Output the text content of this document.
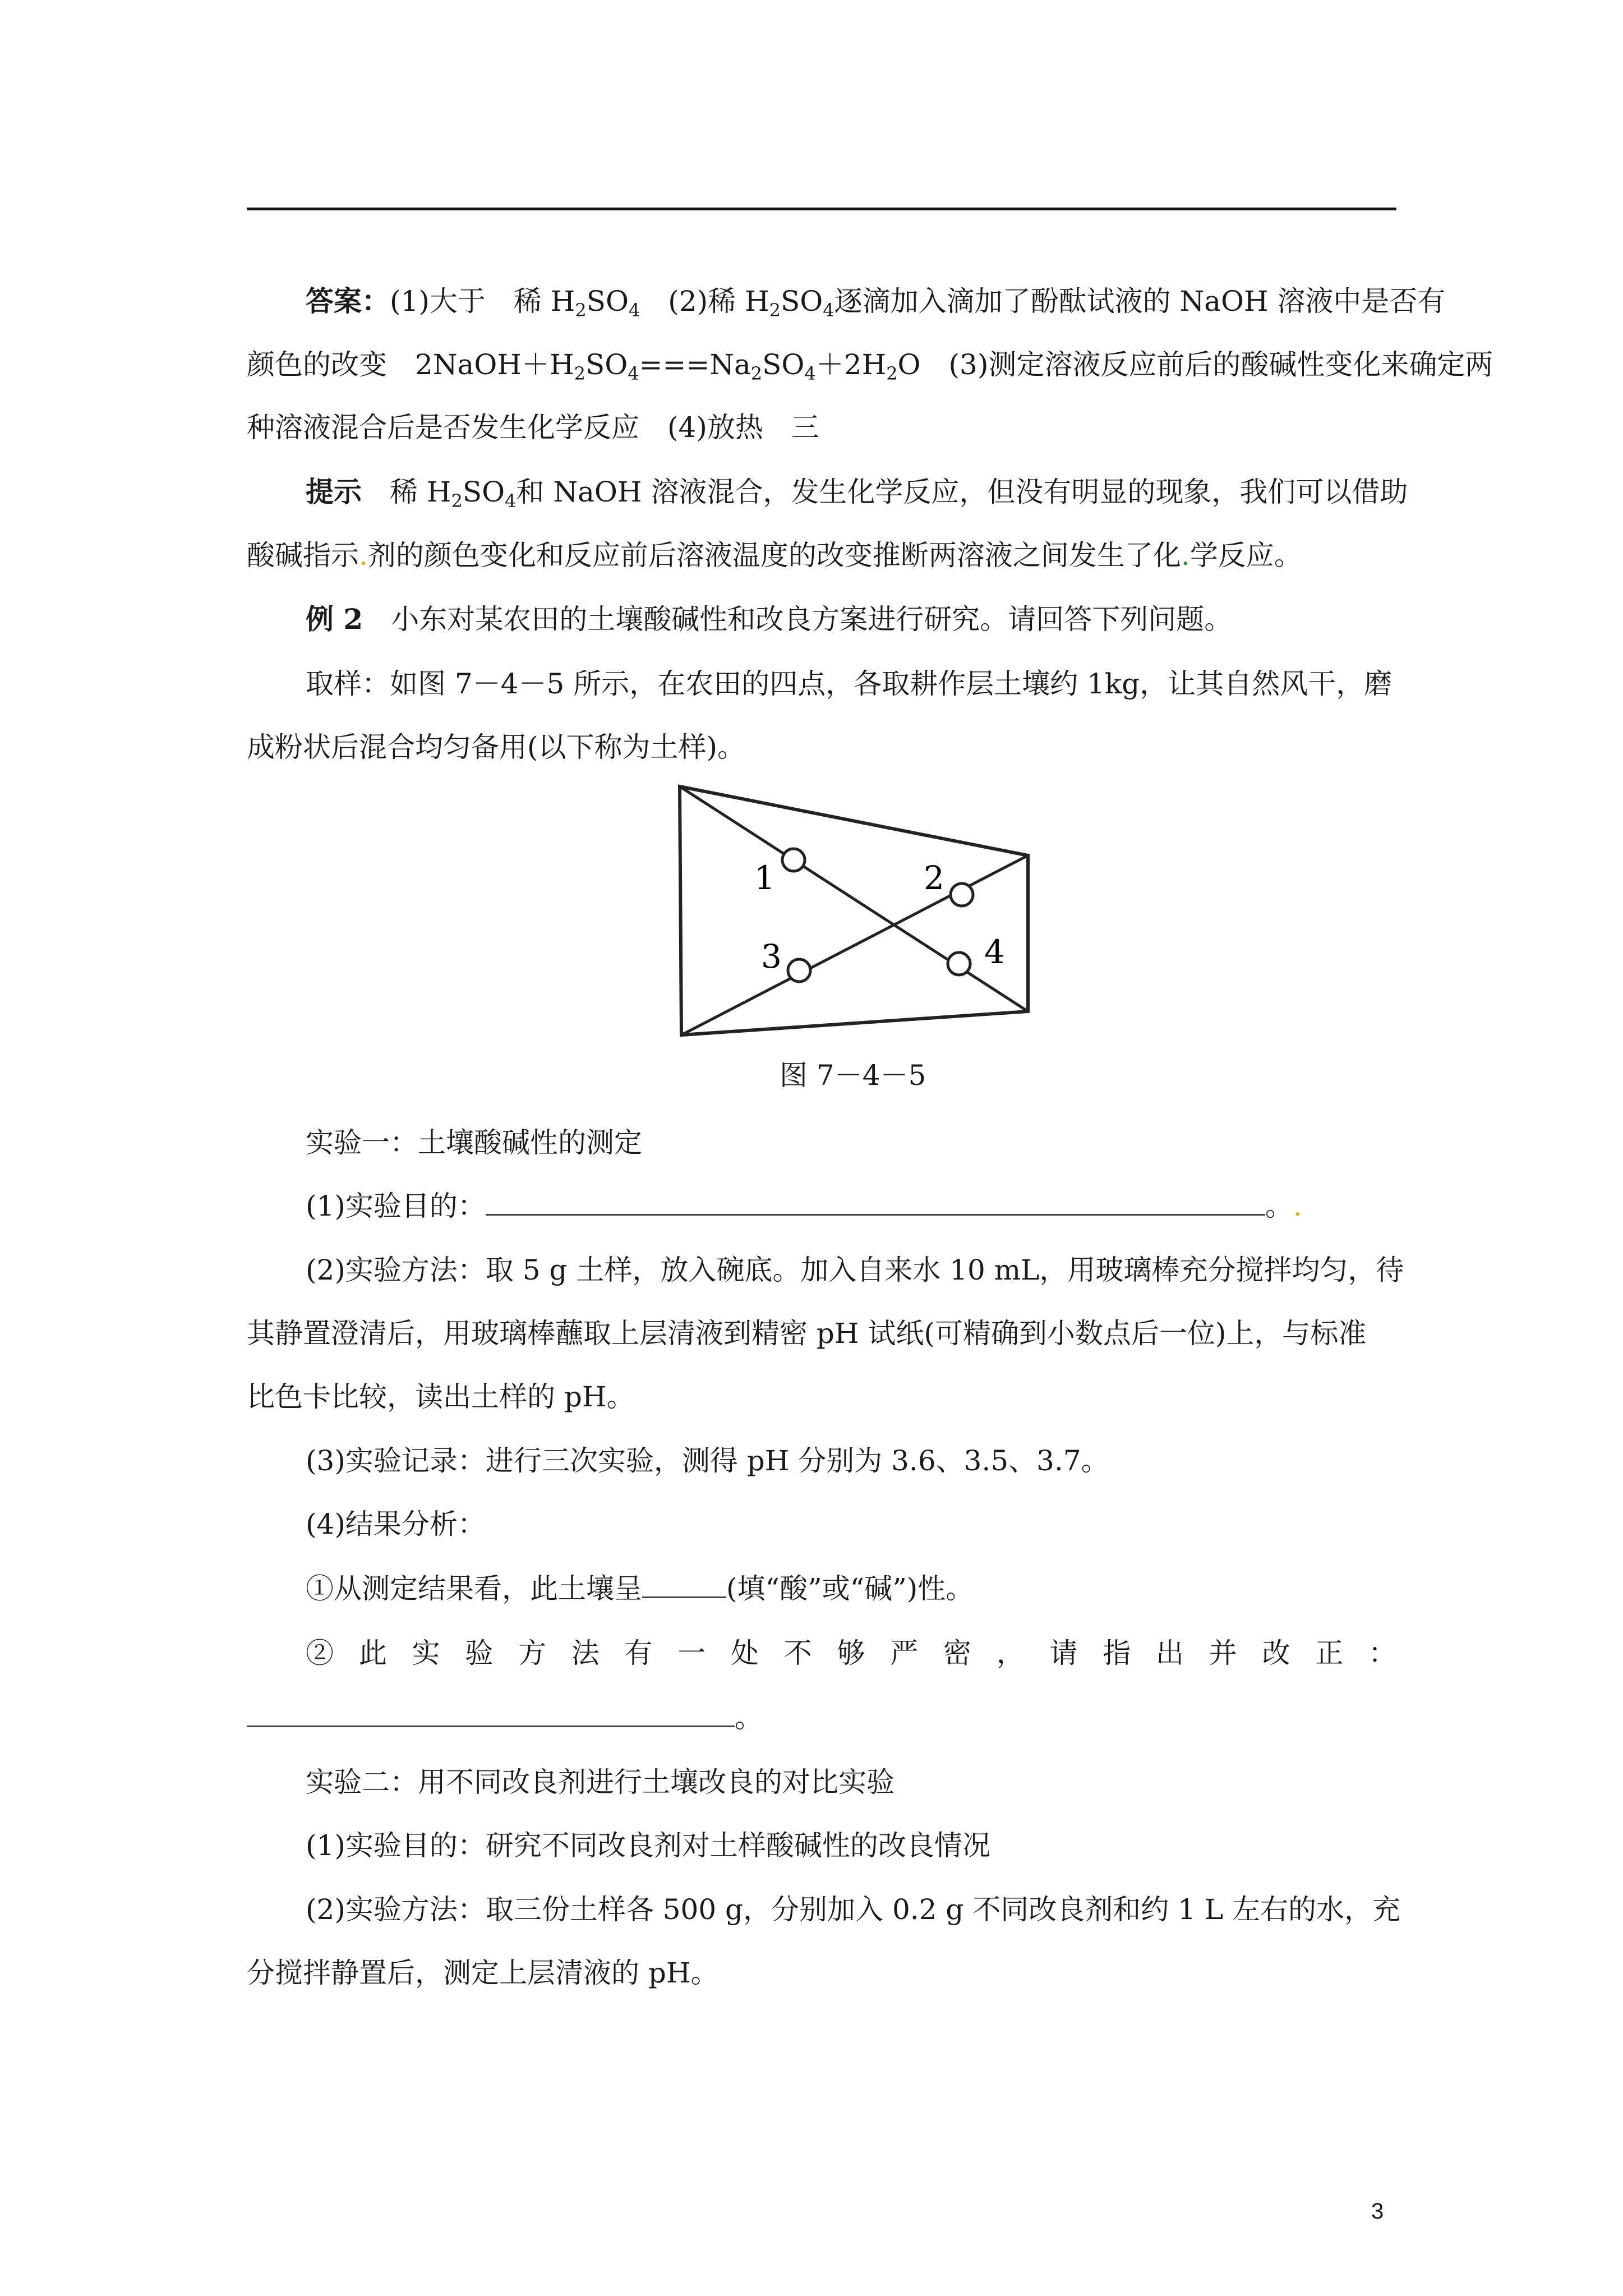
答案：(1)大于　稀 $H_2SO_4$　(2)稀 $H_2SO_4$逐滴加入滴加了酚酞试液的 NaOH 溶液中是否有
颜色的改变　$2NaOH+H_2SO_4===Na_2SO_4+2H_2O$　(3)测定溶液反应前后的酸碱性变化来确定两
种溶液混合后是否发生化学反应　(4)放热　三
提示　稀 $H_2SO_4$和 NaOH 溶液混合，发生化学反应，但没有明显的现象，我们可以借助
酸碱指示.剂的颜色变化和反应前后溶液温度的改变推断两溶液之间发生了化.学反应。
例 2　小东对某农田的土壤酸碱性和改良方案进行研究。请回答下列问题。
取样：如图 7－4－5 所示，在农田的四点，各取耕作层土壤约 1kg，让其自然风干，磨
成粉状后混合均匀备用(以下称为土样)。
1	2
3	4
图 7－4－5
实验一：土壤酸碱性的测定
(1)实验目的：	。.
(2)实验方法：取 5 g 土样，放入碗底。加入自来水 10 mL，用玻璃棒充分搅拌均匀，待
其静置澄清后，用玻璃棒蘸取上层清液到精密 pH 试纸(可精确到小数点后一位)上，与标准
比色卡比较，读出土样的 pH。
(3)实验记录：进行三次实验，测得 pH 分别为 3.6、3.5、3.7。
(4)结果分析：
①从测定结果看，此土壤呈	(填“酸”或“碱”)性。
②此实验方法有一处不够严密，请指出并改正：
。
实验二：用不同改良剂进行土壤改良的对比实验
(1)实验目的：研究不同改良剂对土样酸碱性的改良情况
(2)实验方法：取三份土样各 500 g，分别加入 0.2 g 不同改良剂和约 1 L 左右的水，充
分搅拌静置后，测定上层清液的 pH。
3
